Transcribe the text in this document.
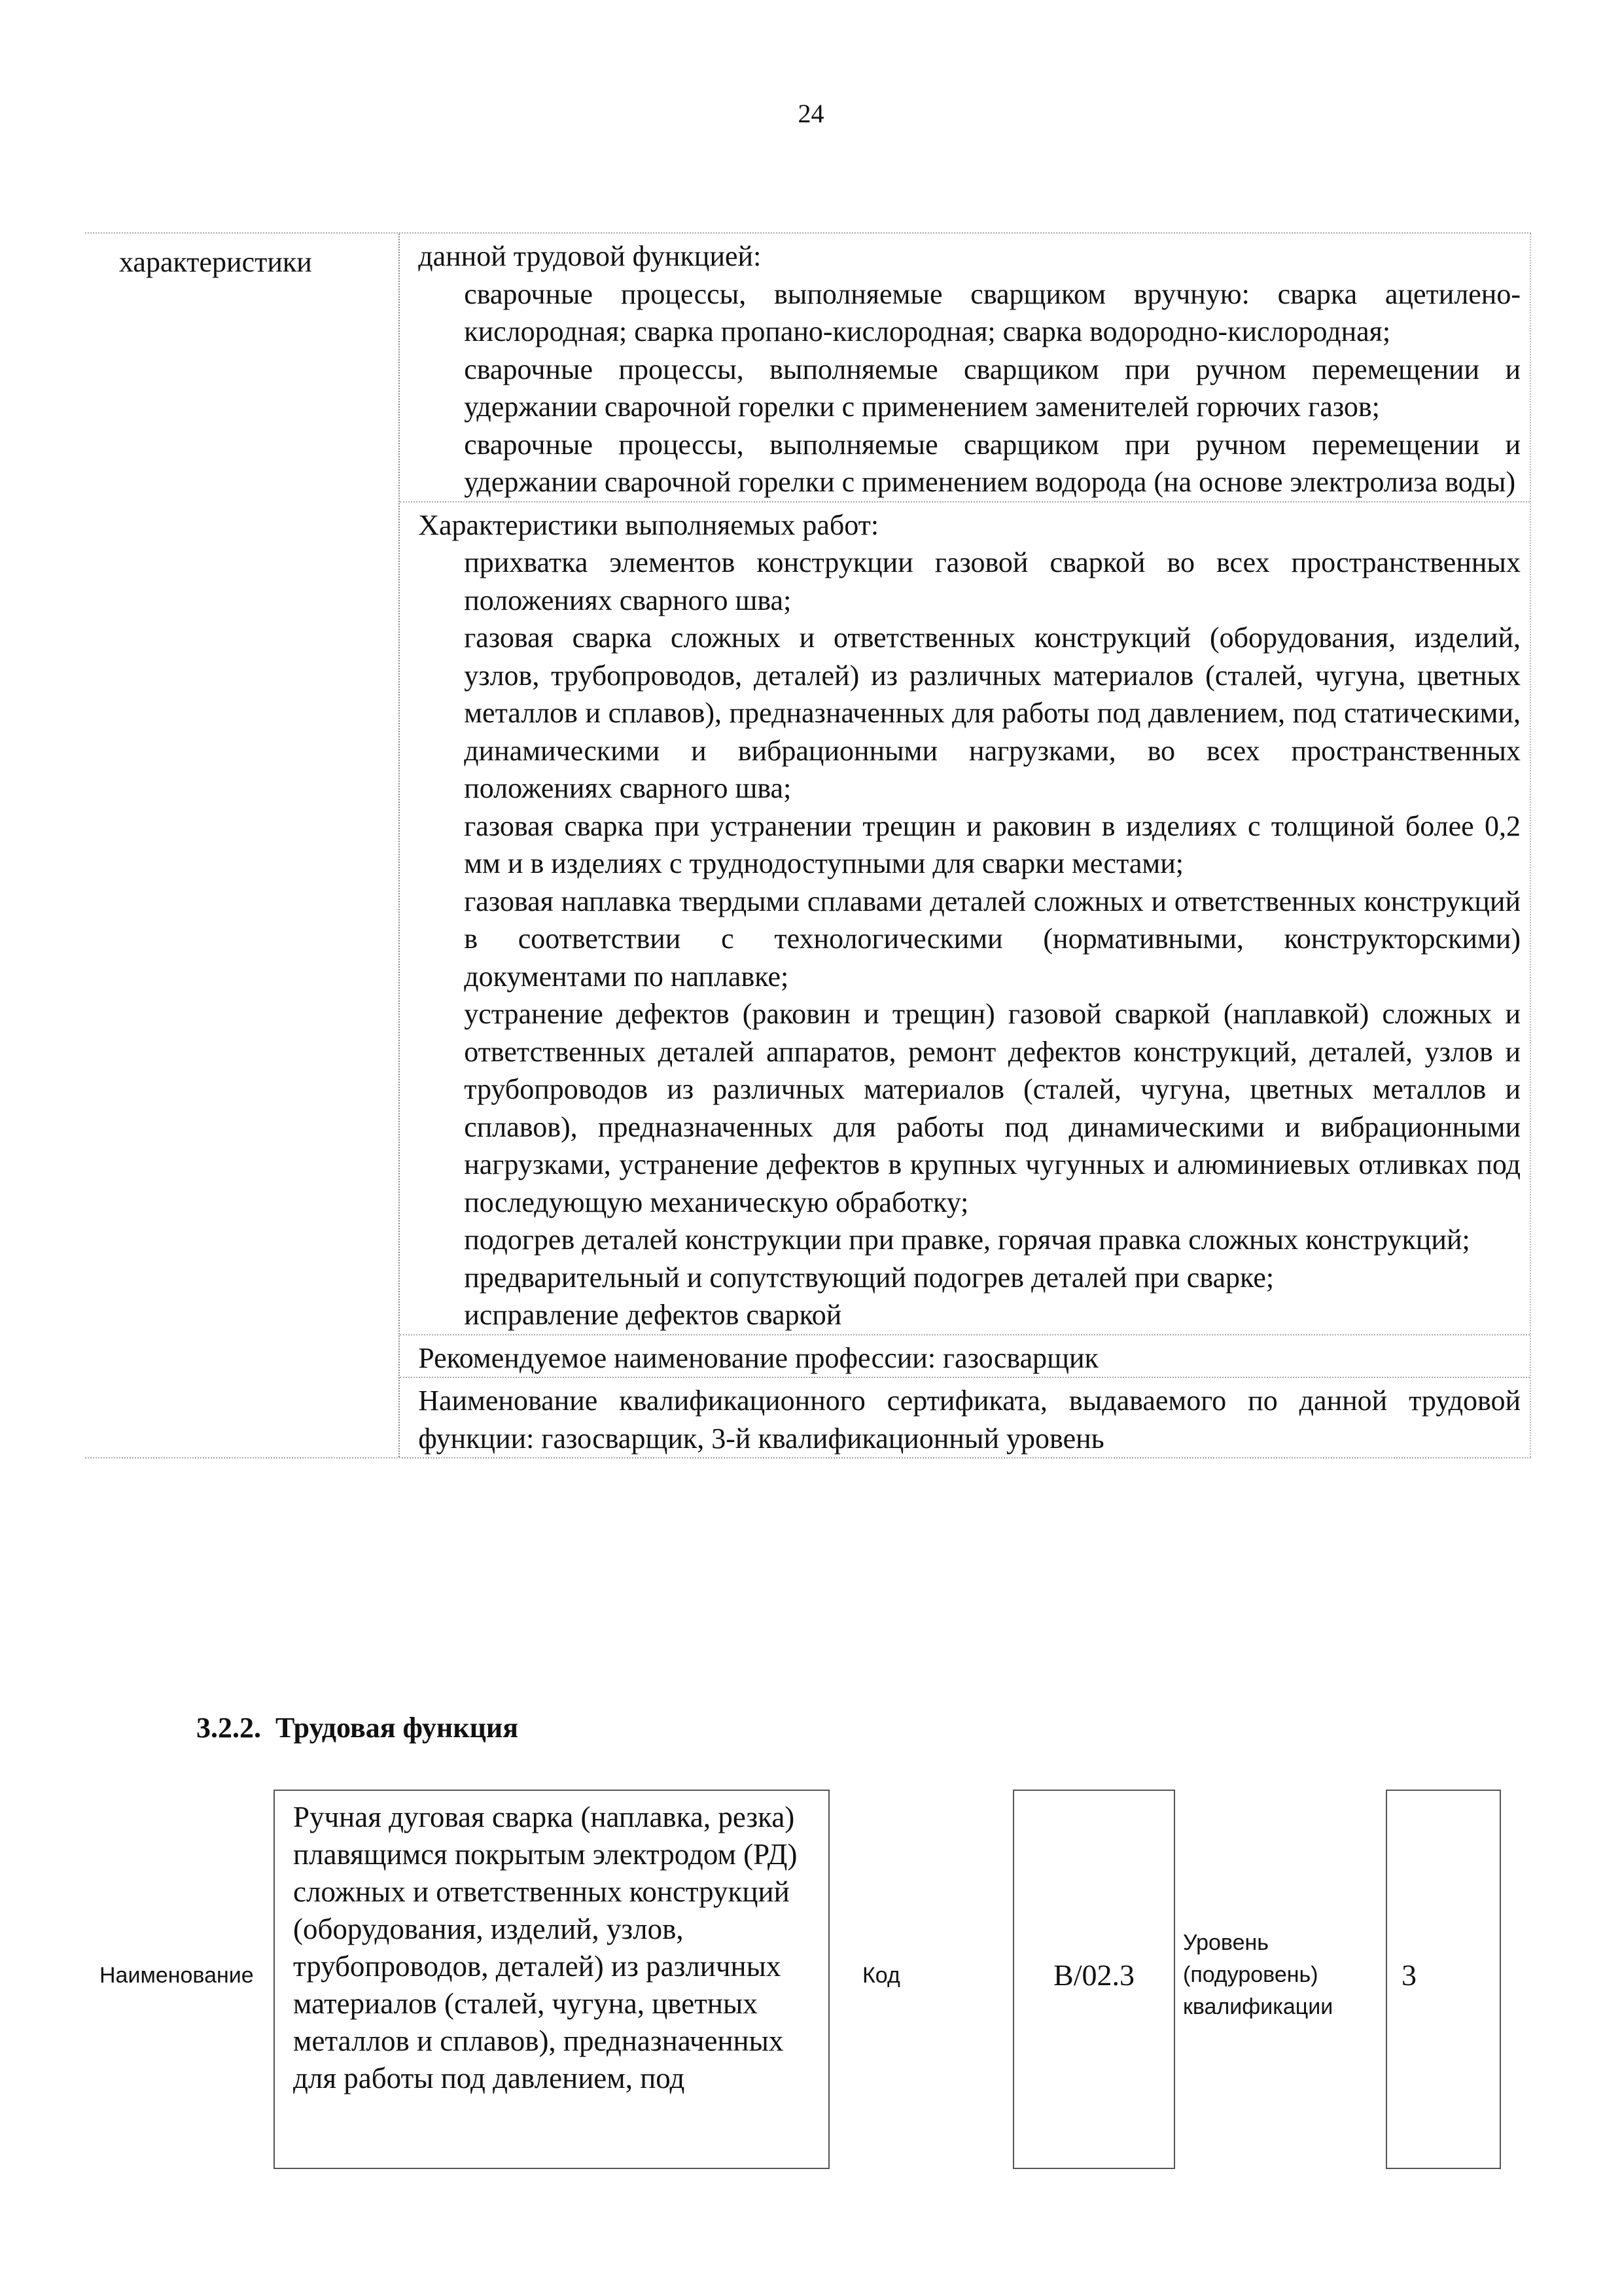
24
характеристики	данной трудовой функцией:
сварочные процессы, выполняемые сварщиком вручную: сварка ацетилено-кислородная; сварка пропано-кислородная; сварка водородно-кислородная;
сварочные процессы, выполняемые сварщиком при ручном перемещении и удержании сварочной горелки с применением заменителей горючих газов;
сварочные процессы, выполняемые сварщиком при ручном перемещении и удержании сварочной горелки с применением водорода (на основе электролиза воды)
Характеристики выполняемых работ:
прихватка элементов конструкции газовой сваркой во всех пространственных положениях сварного шва;
газовая сварка сложных и ответственных конструкций (оборудования, изделий, узлов, трубопроводов, деталей) из различных материалов (сталей, чугуна, цветных металлов и сплавов), предназначенных для работы под давлением, под статическими, динамическими и вибрационными нагрузками, во всех пространственных положениях сварного шва;
газовая сварка при устранении трещин и раковин в изделиях с толщиной более 0,2 мм и в изделиях с труднодоступными для сварки местами;
газовая наплавка твердыми сплавами деталей сложных и ответственных конструкций в соответствии с технологическими (нормативными, конструкторскими) документами по наплавке;
устранение дефектов (раковин и трещин) газовой сваркой (наплавкой) сложных и ответственных деталей аппаратов, ремонт дефектов конструкций, деталей, узлов и трубопроводов из различных материалов (сталей, чугуна, цветных металлов и сплавов), предназначенных для работы под динамическими и вибрационными нагрузками, устранение дефектов в крупных чугунных и алюминиевых отливках под последующую механическую обработку;
подогрев деталей конструкции при правке, горячая правка сложных конструкций;
предварительный и сопутствующий подогрев деталей при сварке;
исправление дефектов сваркой
Рекомендуемое наименование профессии: газосварщик
Наименование квалификационного сертификата, выдаваемого по данной трудовой функции: газосварщик, 3-й квалификационный уровень
3.2.2. Трудовая функция
Наименование
Ручная дуговая сварка (наплавка, резка) плавящимся покрытым электродом (РД) сложных и ответственных конструкций (оборудования, изделий, узлов, трубопроводов, деталей) из различных материалов (сталей, чугуна, цветных металлов и сплавов), предназначенных для работы под давлением, под
Код	B/02.3
Уровень (подуровень) квалификации
3
